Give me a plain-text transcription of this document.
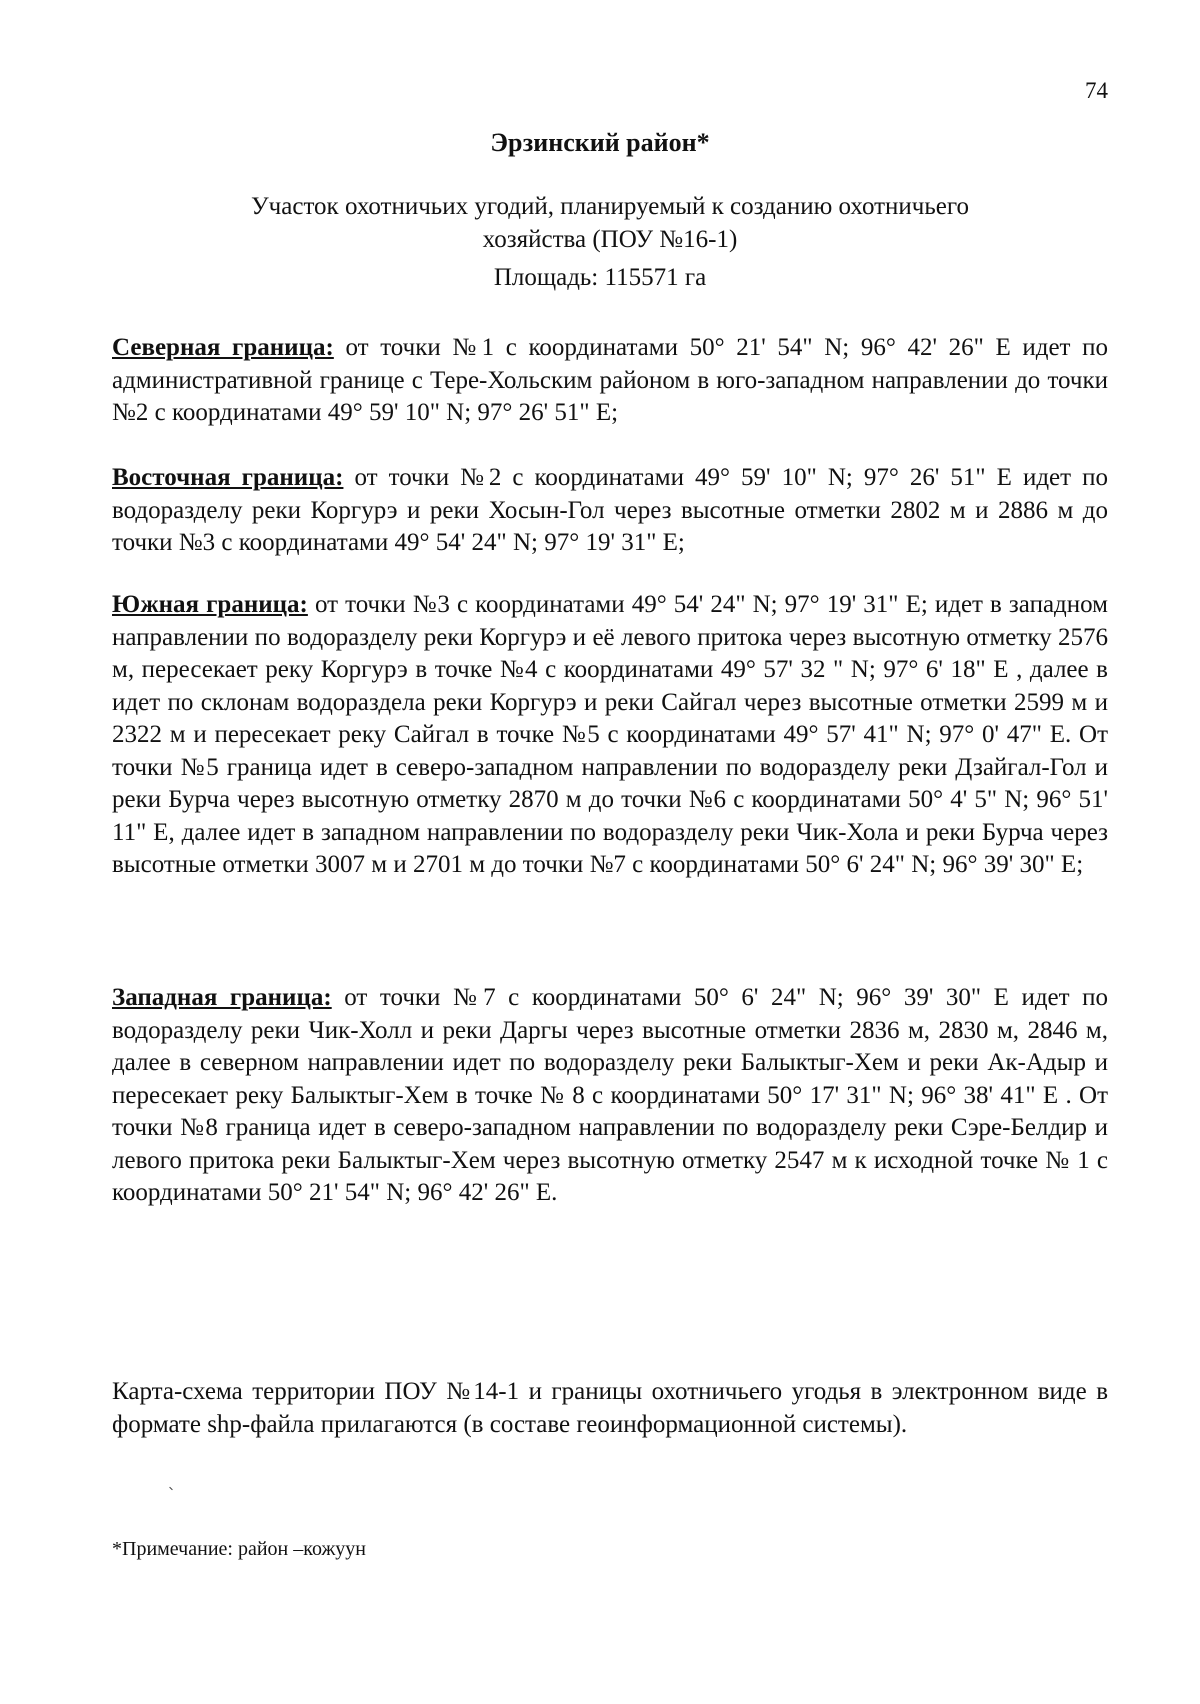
74
Эрзинский район*
Участок охотничьих угодий, планируемый к созданию охотничьего хозяйства (ПОУ №16-1)
Площадь: 115571 га

Северная граница: от точки №1 с координатами 50° 21' 54" N; 96° 42' 26" E идет по административной границе с Тере-Хольским районом в юго-западном направлении до точки №2 с координатами 49° 59' 10" N; 97° 26' 51" E;

Восточная граница: от точки №2 с координатами 49° 59' 10" N; 97° 26' 51" E идет по водоразделу реки Коргурэ и реки Хосын-Гол через высотные отметки 2802 м и 2886 м до точки №3 с координатами 49° 54' 24" N; 97° 19' 31" E;

Южная граница: от точки №3 с координатами 49° 54' 24" N; 97° 19' 31" E; идет в западном направлении по водоразделу реки Коргурэ и её левого притока через высотную отметку 2576 м, пересекает реку Коргурэ в точке №4 с координатами 49° 57' 32 " N; 97° 6' 18" E , далее в идет по склонам водораздела реки Коргурэ и реки Сайгал через высотные отметки 2599 м и 2322 м и пересекает реку Сайгал в точке №5 с координатами 49° 57' 41" N; 97° 0' 47" E. От точки №5 граница идет в северо-западном направлении по водоразделу реки Дзайгал-Гол и реки Бурча через высотную отметку 2870 м до точки №6 с координатами 50° 4' 5" N; 96° 51' 11" E, далее идет в западном направлении по водоразделу реки Чик-Хола и реки Бурча через высотные отметки 3007 м и 2701 м до точки №7 с координатами 50° 6' 24" N; 96° 39' 30" E;

Западная граница: от точки №7 с координатами 50° 6' 24" N; 96° 39' 30" E идет по водоразделу реки Чик-Холл и реки Даргы через высотные отметки 2836 м, 2830 м, 2846 м, далее в северном направлении идет по водоразделу реки Балыктыг-Хем и реки Ак-Адыр и пересекает реку Балыктыг-Хем в точке № 8 с координатами 50° 17' 31" N; 96° 38' 41" E . От точки №8 граница идет в северо-западном направлении по водоразделу реки Сэре-Белдир и левого притока реки Балыктыг-Хем через высотную отметку 2547 м к исходной точке № 1 с координатами 50° 21' 54" N; 96° 42' 26" E.

Карта-схема территории ПОУ №14-1 и границы охотничьего угодья в электронном виде в формате shp-файла прилагаются (в составе геоинформационной системы).

*Примечание: район –кожуун
